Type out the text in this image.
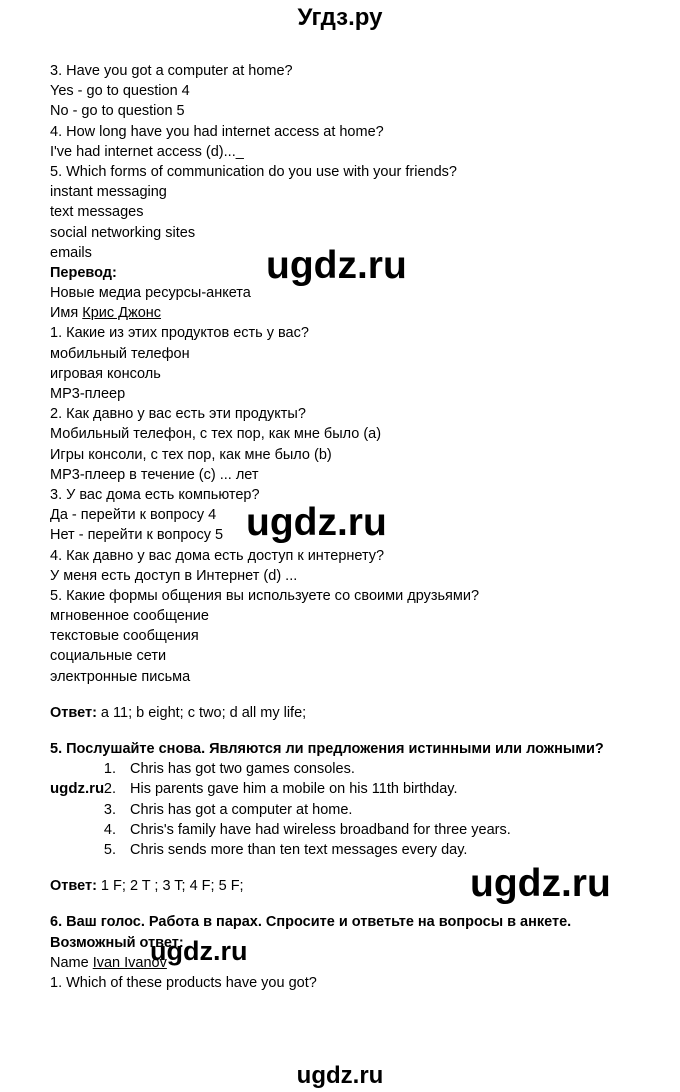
Угдз.ру
3. Have you got a computer at home?
Yes - go to question 4
No - go to question 5
4. How long have you had internet access at home?
I've had internet access (d)..._
5. Which forms of communication do you use with your friends?
instant messaging
text messages
social networking sites
emails
Перевод:
Новые медиа ресурсы-анкета
Имя Крис Джонс
1. Какие из этих продуктов есть у вас?
мобильный телефон
игровая консоль
MP3-плеер
2. Как давно у вас есть эти продукты?
Мобильный телефон, с тех пор, как мне было (a)
Игры консоли, с тех пор, как мне было (b)
MP3-плеер в течение (c) ... лет
3. У вас дома есть компьютер?
Да - перейти к вопросу 4
Нет - перейти к вопросу 5
4. Как давно у вас дома есть доступ к интернету?
У меня есть доступ в Интернет (d) ...
5. Какие формы общения вы используете со своими друзьями?
мгновенное сообщение
текстовые сообщения
социальные сети
электронные письма
Ответ: a 11; b eight; c two; d all my life;
5. Послушайте снова. Являются ли предложения истинными или ложными?
1. Chris has got two games consoles.
2. His parents gave him a mobile on his 11th birthday.
3. Chris has got a computer at home.
4. Chris's family have had wireless broadband for three years.
5. Chris sends more than ten text messages every day.
Ответ: 1 F; 2 T ; 3 T; 4 F; 5 F;
6. Ваш голос. Работа в парах. Спросите и ответьте на вопросы в анкете.
Возможный ответ:
Name Ivan Ivanov
1. Which of these products have you got?
ugdz.ru
ugdz.ru
ugdz.ru
ugdz.ru
ugdz.ru
ugdz.ru
